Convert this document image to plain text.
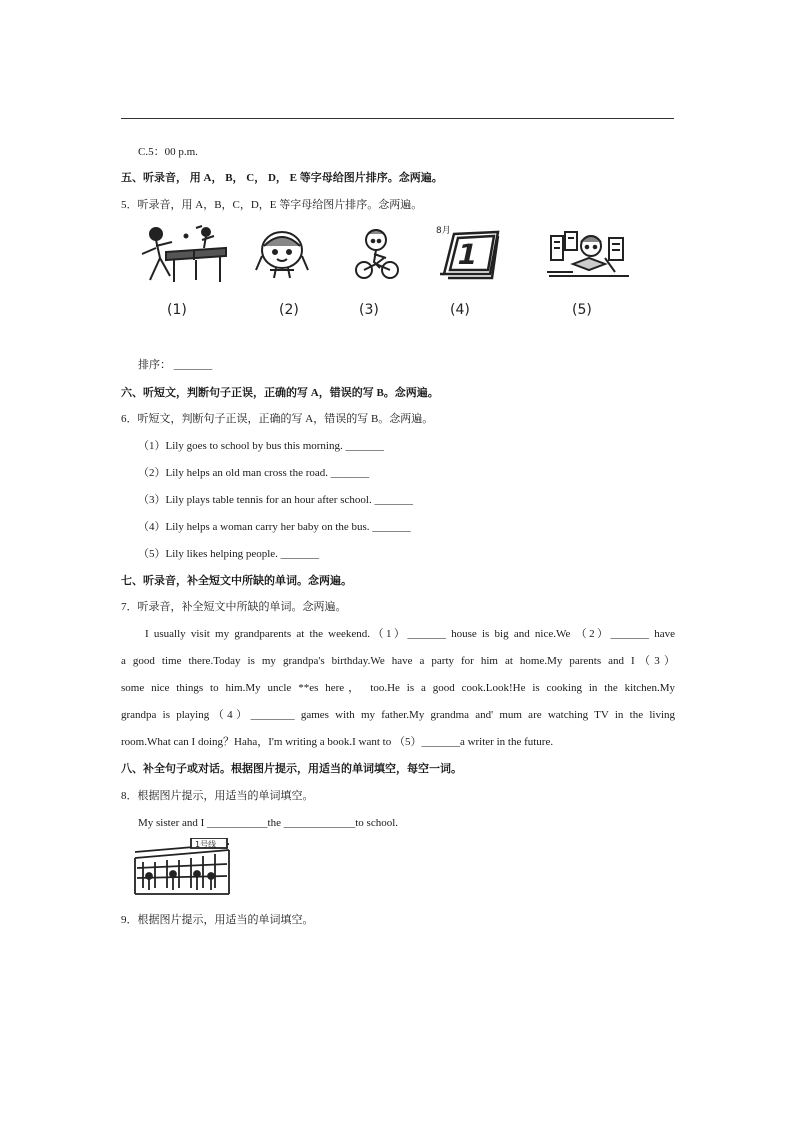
C.5：00 p.m.
五、听录音， 用 A， B， C， D， E 等字母给图片排序。念两遍。
5．听录音，用 A，B，C，D，E 等字母给图片排序。念两遍。
8月
1
(1)	(2)	(3)	(4)	(5)
排序： _______
六、听短文，判断句子正误，正确的写 A，错误的写 B。念两遍。
6．听短文，判断句子正误，正确的写 A，错误的写 B。念两遍。
（1）Lily goes to school by bus this morning. _______
（2）Lily helps an old man cross the road. _______
（3）Lily plays table tennis for an hour after school. _______
（4）Lily helps a woman carry her baby on the bus. _______
（5）Lily likes helping people. _______
七、听录音，补全短文中所缺的单词。念两遍。
7．听录音，补全短文中所缺的单词。念两遍。
I usually visit my grandparents at the weekend.（1）_______ house is big and nice.We （2）_______ have
a good time there.Today is my grandpa's birthday.We have a party for him at home.My parents and I（3）
some nice things to him.My uncle **es here， too.He is a good cook.Look!He is cooking in the kitchen.My
grandpa is playing（4）________ games with my father.My grandma and' mum are watching TV in the living
room.What can I doing？Haha，I'm writing a book.I want to （5）_______a writer in the future.
八、补全句子或对话。根据图片提示，用适当的单词填空，每空一词。
8．根据图片提示，用适当的单词填空。
My sister and I ___________the _____________to school.
1号线
9．根据图片提示，用适当的单词填空。
